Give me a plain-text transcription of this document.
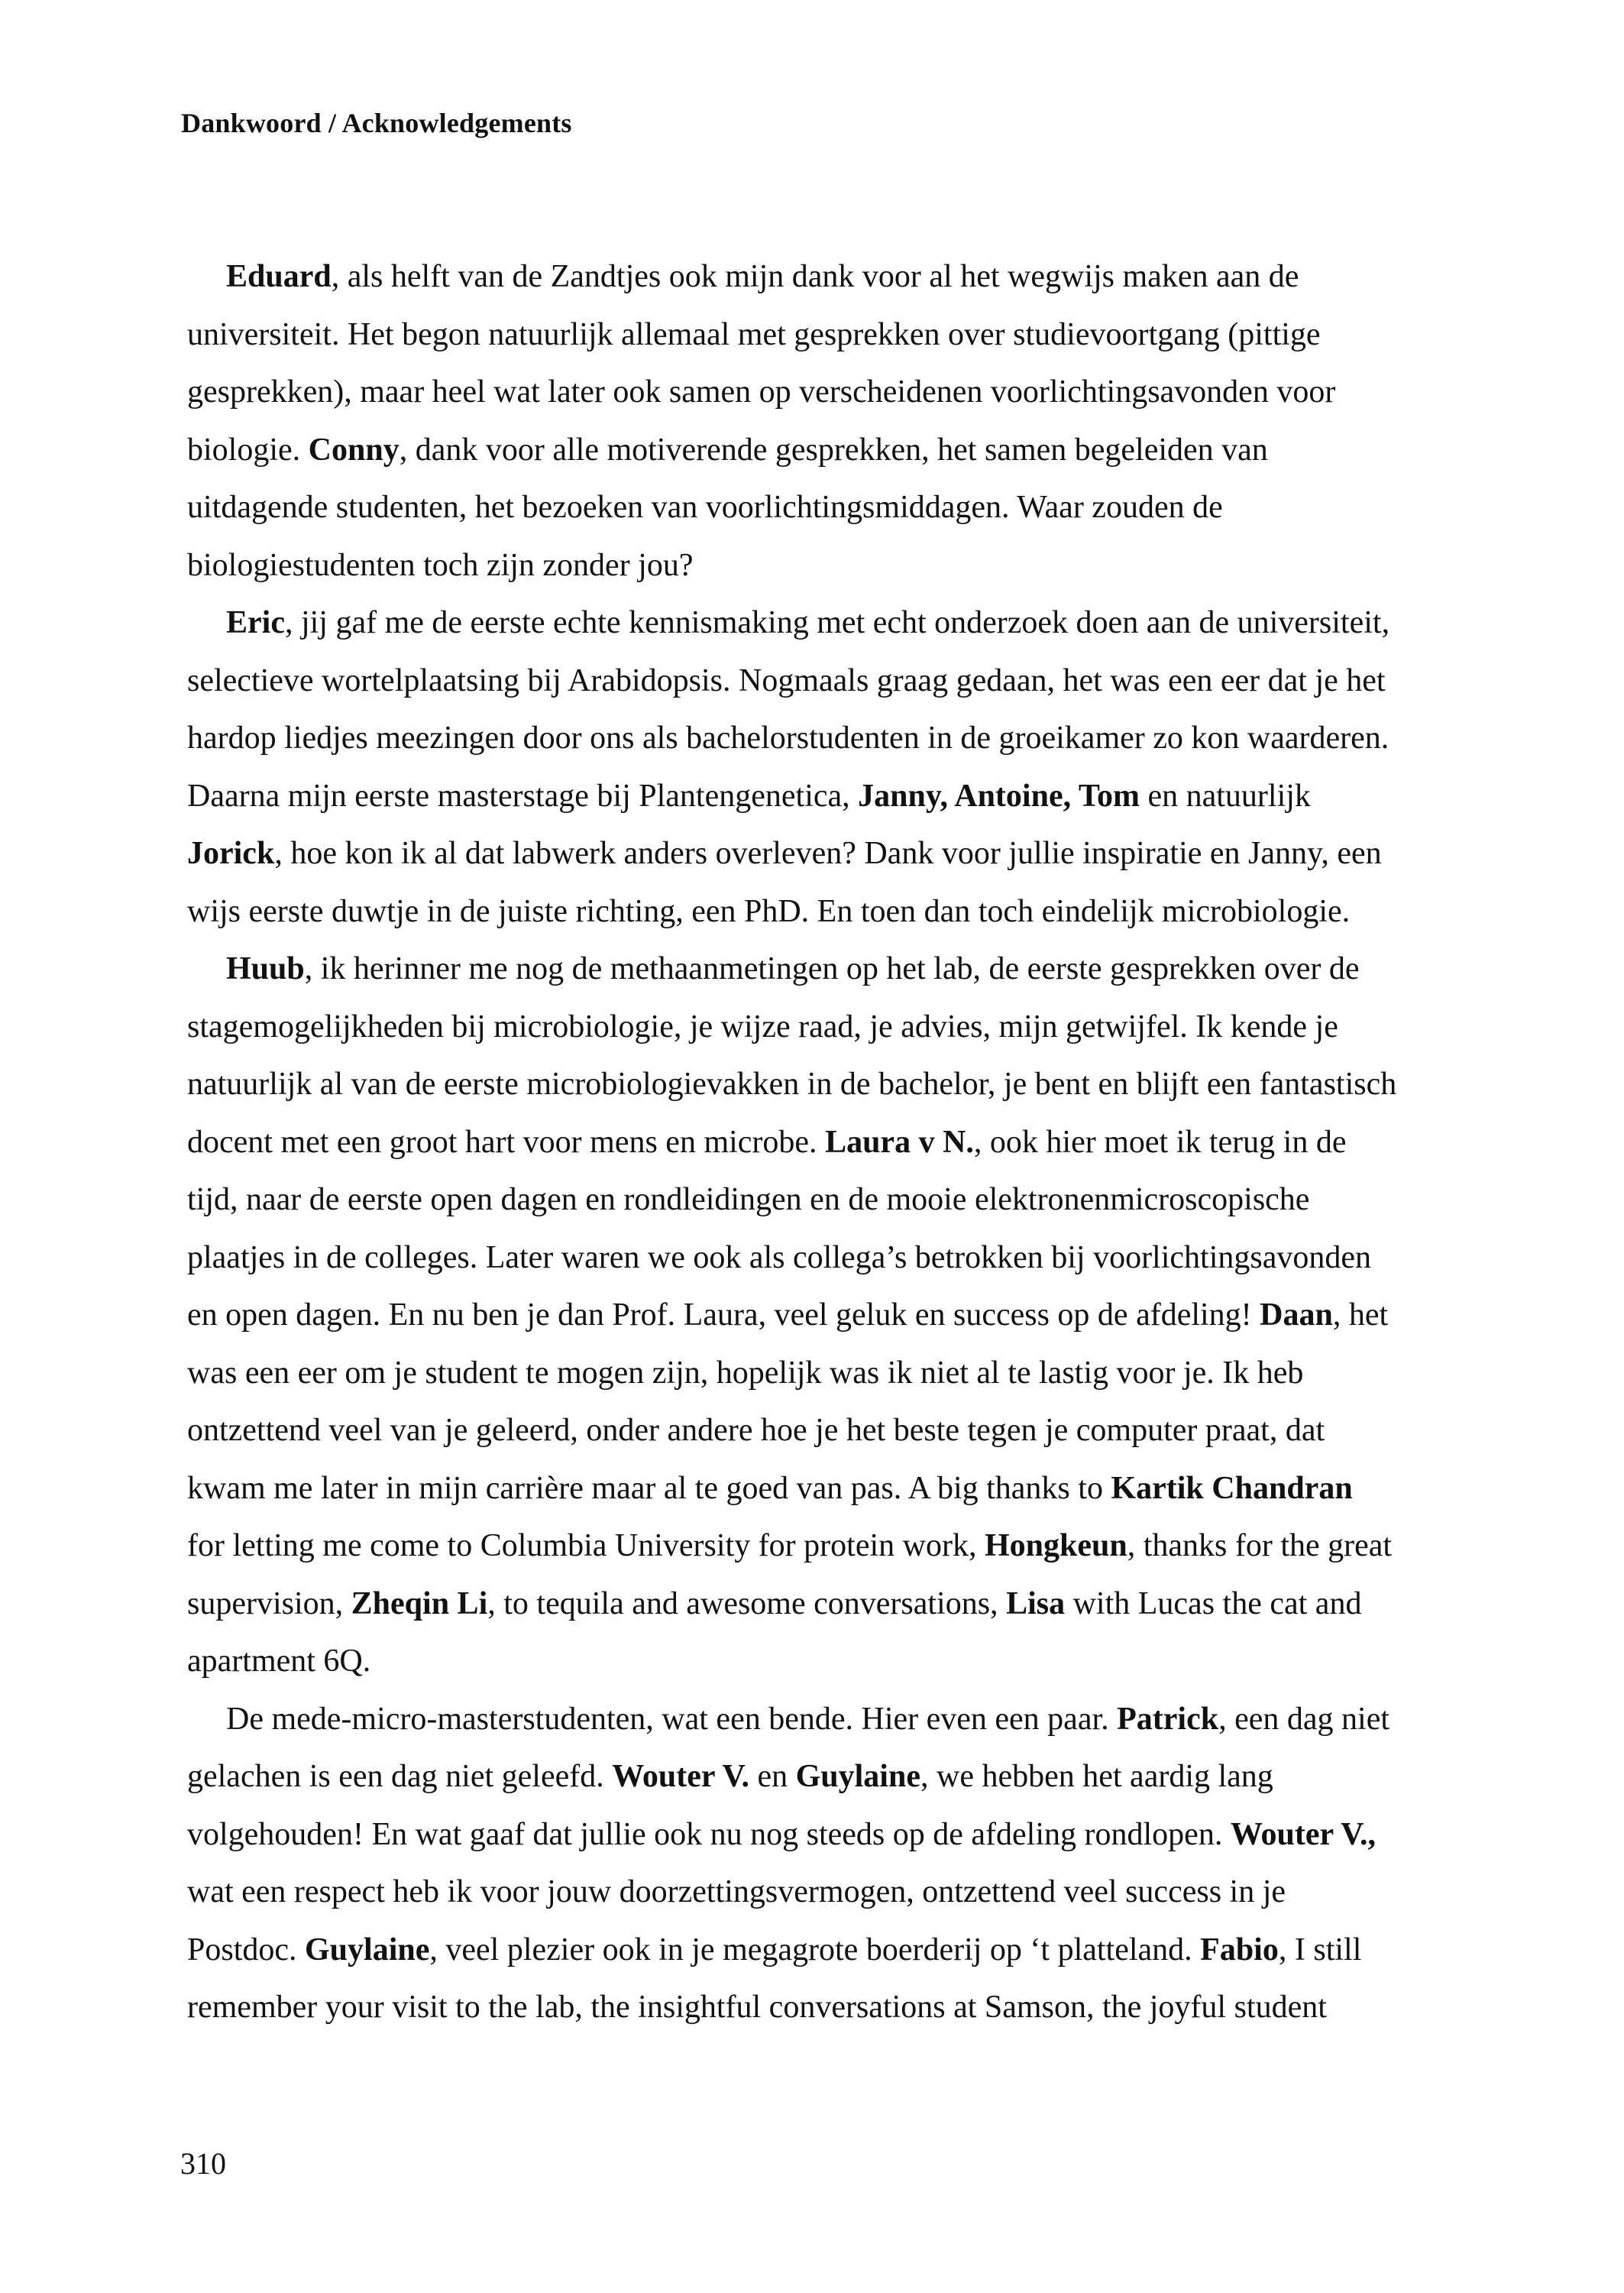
Dankwoord / Acknowledgements

Eduard, als helft van de Zandtjes ook mijn dank voor al het wegwijs maken aan de
universiteit. Het begon natuurlijk allemaal met gesprekken over studievoortgang (pittige
gesprekken), maar heel wat later ook samen op verscheidenen voorlichtingsavonden voor
biologie. Conny, dank voor alle motiverende gesprekken, het samen begeleiden van
uitdagende studenten, het bezoeken van voorlichtingsmiddagen. Waar zouden de
biologiestudenten toch zijn zonder jou?

Eric, jij gaf me de eerste echte kennismaking met echt onderzoek doen aan de universiteit,
selectieve wortelplaatsing bij Arabidopsis. Nogmaals graag gedaan, het was een eer dat je het
hardop liedjes meezingen door ons als bachelorstudenten in de groeikamer zo kon waarderen.
Daarna mijn eerste masterstage bij Plantengenetica, Janny, Antoine, Tom en natuurlijk
Jorick, hoe kon ik al dat labwerk anders overleven? Dank voor jullie inspiratie en Janny, een
wijs eerste duwtje in de juiste richting, een PhD. En toen dan toch eindelijk microbiologie.

Huub, ik herinner me nog de methaanmetingen op het lab, de eerste gesprekken over de
stagemogelijkheden bij microbiologie, je wijze raad, je advies, mijn getwijfel. Ik kende je
natuurlijk al van de eerste microbiologievakken in de bachelor, je bent en blijft een fantastisch
docent met een groot hart voor mens en microbe. Laura v N., ook hier moet ik terug in de
tijd, naar de eerste open dagen en rondleidingen en de mooie elektronenmicroscopische
plaatjes in de colleges. Later waren we ook als collega’s betrokken bij voorlichtingsavonden
en open dagen. En nu ben je dan Prof. Laura, veel geluk en success op de afdeling! Daan, het
was een eer om je student te mogen zijn, hopelijk was ik niet al te lastig voor je. Ik heb
ontzettend veel van je geleerd, onder andere hoe je het beste tegen je computer praat, dat
kwam me later in mijn carrière maar al te goed van pas. A big thanks to Kartik Chandran
for letting me come to Columbia University for protein work, Hongkeun, thanks for the great
supervision, Zheqin Li, to tequila and awesome conversations, Lisa with Lucas the cat and
apartment 6Q.

De mede-micro-masterstudenten, wat een bende. Hier even een paar. Patrick, een dag niet
gelachen is een dag niet geleefd. Wouter V. en Guylaine, we hebben het aardig lang
volgehouden! En wat gaaf dat jullie ook nu nog steeds op de afdeling rondlopen. Wouter V.,
wat een respect heb ik voor jouw doorzettingsvermogen, ontzettend veel success in je
Postdoc. Guylaine, veel plezier ook in je megagrote boerderij op ‘t platteland. Fabio, I still
remember your visit to the lab, the insightful conversations at Samson, the joyful student

310
